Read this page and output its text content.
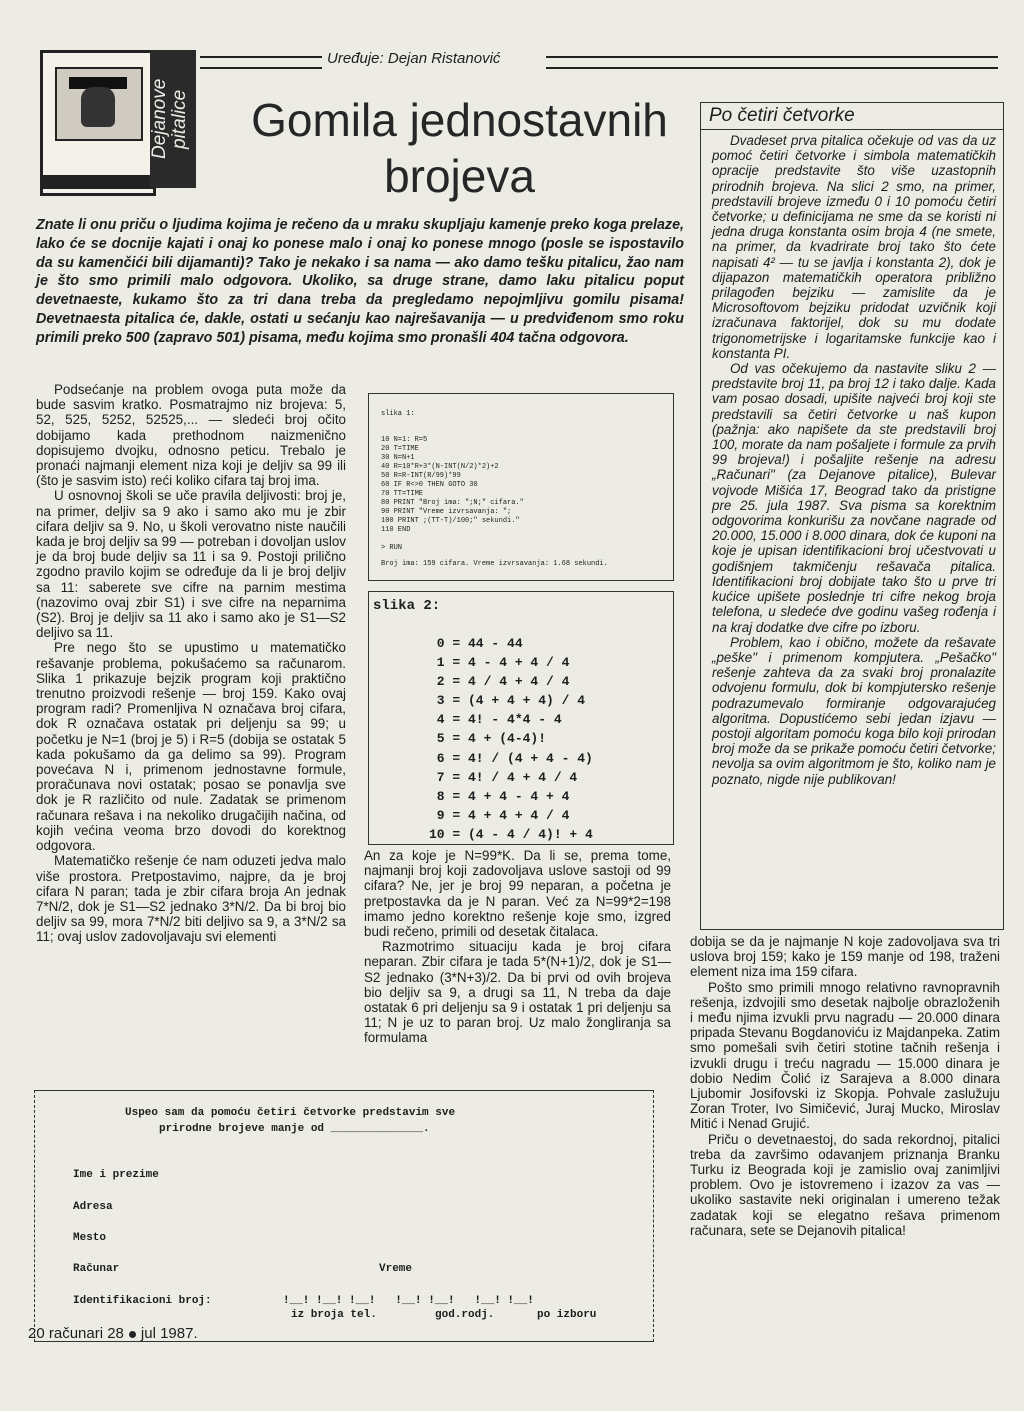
Uređuje: Dejan Ristanović
Dejanove
pitalice	Gomila jednostavnih
brojeva
Znate li onu priču o ljudima kojima je rečeno da u mraku skupljaju kamenje preko koga prelaze, lako će se docnije kajati i onaj ko ponese malo i onaj ko ponese mnogo (posle se ispostavilo da su kamenčići bili dijamanti)? Tako je nekako i sa nama — ako damo tešku pitalicu, žao nam je što smo primili malo odgovora. Ukoliko, sa druge strane, damo laku pitalicu poput devetnaeste, kukamo što za tri dana treba da pregledamo nepojmljivu gomilu pisama! Devetnaesta pitalica će, dakle, ostati u sećanju kao najrešavanija — u predviđenom smo roku primili preko 500 (zapravo 501) pisama, među kojima smo pronašli 404 tačna odgovora.

Podsećanje na problem ovoga puta može da bude sasvim kratko. Posmatrajmo niz brojeva: 5, 52, 525, 5252, 52525,... — sledeći broj očito dobijamo kada prethodnom naizmenično dopisujemo dvojku, odnosno peticu. Trebalo je pronaći najmanji element niza koji je deljiv sa 99 ili (što je sasvim isto) reći koliko cifara taj broj ima.

U osnovnoj školi se uče pravila deljivosti: broj je, na primer, deljiv sa 9 ako i samo ako mu je zbir cifara deljiv sa 9. No, u školi verovatno niste naučili kada je broj deljiv sa 99 — potreban i dovoljan uslov je da broj bude deljiv sa 11 i sa 9. Postoji prilično zgodno pravilo kojim se određuje da li je broj deljiv sa 11: saberete sve cifre na parnim mestima (nazovimo ovaj zbir S1) i sve cifre na neparnima (S2). Broj je deljiv sa 11 ako i samo ako je S1—S2 deljivo sa 11.

Pre nego što se upustimo u matematičko rešavanje problema, pokušaćemo sa računarom. Slika 1 prikazuje bejzik program koji praktično trenutno proizvodi rešenje — broj 159. Kako ovaj program radi? Promenljiva N označava broj cifara, dok R označava ostatak pri deljenju sa 99; u početku je N=1 (broj je 5) i R=5 (dobija se ostatak 5 kada pokušamo da ga delimo sa 99). Program povećava N i, primenom jednostavne formule, proračunava novi ostatak; posao se ponavlja sve dok je R različito od nule. Zadatak se primenom računara rešava i na nekoliko drugačijih načina, od kojih većina veoma brzo dovodi do korektnog odgovora.

Matematičko rešenje će nam oduzeti jedva malo više prostora. Pretpostavimo, najpre, da je broj cifara N paran; tada je zbir cifara broja An jednak 7*N/2, dok je S1—S2 jednako 3*N/2. Da bi broj bio deljiv sa 99, mora 7*N/2 biti deljivo sa 9, a 3*N/2 sa 11; ovaj uslov zadovoljavaju svi elementi

slika 1:
10 N=1: R=5
20 T=TIME
30 N=N+1
40 R=10*R+3*(N-INT(N/2)*2)+2
50 R=R-INT(R/99)*99
60 IF R<>0 THEN GOTO 30
70 TT=TIME
80 PRINT "Broj ima: ";N;" cifara."
90 PRINT "Vreme izvrsavanja: ";
100 PRINT ;(TT-T)/100;" sekundi."
110 END
> RUN
Broj ima: 159 cifara. Vreme izvrsavanja: 1.68 sekundi.
slika 2:
0 = 44 - 44
1 = 4 - 4 + 4 / 4
2 = 4 / 4 + 4 / 4
3 = (4 + 4 + 4) / 4
4 = 4! - 4*4 - 4
5 = 4 + (4-4)!
6 = 4! / (4 + 4 - 4)
7 = 4! / 4 + 4 / 4
8 = 4 + 4 - 4 + 4
9 = 4 + 4 + 4 / 4
10 = (4 - 4 / 4)! + 4

An za koje je N=99*K. Da li se, prema tome, najmanji broj koji zadovoljava uslove sastoji od 99 cifara? Ne, jer je broj 99 neparan, a početna je pretpostavka da je N paran. Već za N=99*2=198 imamo jedno korektno rešenje koje smo, izgred budi rečeno, primili od desetak čitalaca.

Razmotrimo situaciju kada je broj cifara neparan. Zbir cifara je tada 5*(N+1)/2, dok je S1—S2 jednako (3*N+3)/2. Da bi prvi od ovih brojeva bio deljiv sa 9, a drugi sa 11, N treba da daje ostatak 6 pri deljenju sa 9 i ostatak 1 pri deljenju sa 11; N je uz to paran broj. Uz malo žongliranja sa formulama

Po četiri četvorke

Dvadeset prva pitalica očekuje od vas da uz pomoć četiri četvorke i simbola matematičkih opracije predstavite što više uzastopnih prirodnih brojeva. Na slici 2 smo, na primer, predstavili brojeve između 0 i 10 pomoću četiri četvorke; u definicijama ne sme da se koristi ni jedna druga konstanta osim broja 4 (ne smete, na primer, da kvadrirate broj tako što ćete napisati 4² — tu se javlja i konstanta 2), dok je dijapazon matematičkih operatora približno prilagođen bejziku — zamislite da je Microsoftovom bejziku pridodat uzvičnik koji izračunava faktorijel, dok su mu dodate trigonometrijske i logaritamske funkcije kao i konstanta PI.

Od vas očekujemo da nastavite sliku 2 — predstavite broj 11, pa broj 12 i tako dalje. Kada vam posao dosadi, upišite najveći broj koji ste predstavili sa četiri četvorke u naš kupon (pažnja: ako napišete da ste predstavili broj 100, morate da nam pošaljete i formule za prvih 99 brojeva!) i pošaljite rešenje na adresu „Računari" (za Dejanove pitalice), Bulevar vojvode Mišića 17, Beograd tako da pristigne pre 25. jula 1987. Sva pisma sa korektnim odgovorima konkurišu za novčane nagrade od 20.000, 15.000 i 8.000 dinara, dok će kuponi na koje je upisan identifikacioni broj učestvovati u godišnjem takmičenju rešavača pitalica. Identifikacioni broj dobijate tako što u prve tri kućice upišete poslednje tri cifre nekog broja telefona, u sledeće dve godinu vašeg rođenja i na kraj dodatke dve cifre po izboru.

Problem, kao i obično, možete da rešavate „peške" i primenom kompjutera. „Pešačko" rešenje zahteva da za svaki broj pronalazite odvojenu formulu, dok bi kompjutersko rešenje podrazumevalo formiranje odgovarajućeg algoritma. Dopustićemo sebi jedan izjavu — postoji algoritam pomoću koga bilo koji prirodan broj može da se prikaže pomoću četiri četvorke; nevolja sa ovim algoritmom je što, koliko nam je poznato, nigde nije publikovan!

dobija se da je najmanje N koje zadovoljava sva tri uslova broj 159; kako je 159 manje od 198, traženi element niza ima 159 cifara.

Pošto smo primili mnogo relativno ravnopravnih rešenja, izdvojili smo desetak najbolje obrazloženih i među njima izvukli prvu nagradu — 20.000 dinara pripada Stevanu Bogdanoviću iz Majdanpeka. Zatim smo pomešali svih četiri stotine tačnih rešenja i izvukli drugu i treću nagradu — 15.000 dinara je dobio Nedim Čolić iz Sarajeva a 8.000 dinara Ljubomir Josifovski iz Skopja. Pohvale zaslužuju Zoran Troter, Ivo Simičević, Juraj Mucko, Miroslav Mitić i Nenad Grujić.

Priču o devetnaestoj, do sada rekordnoj, pitalici treba da završimo odavanjem priznanja Branku Turku iz Beograda koji je zamislio ovaj zanimljivi problem. Ovo je istovremeno i izazov za vas — ukoliko sastavite neki originalan i umereno težak zadatak koji se elegatno rešava primenom računara, sete se Dejanovih pitalica!

Uspeo sam da pomoću četiri četvorke predstavim sve
prirodne brojeve manje od ______________.
Ime i prezime
Adresa
Mesto
Računar	Vreme
Identifikacioni broj:	!__! !__! !__!   !__! !__!   !__! !__!
iz broja tel.	god.rodj.	po izboru
20 računari 28 jul 1987.
